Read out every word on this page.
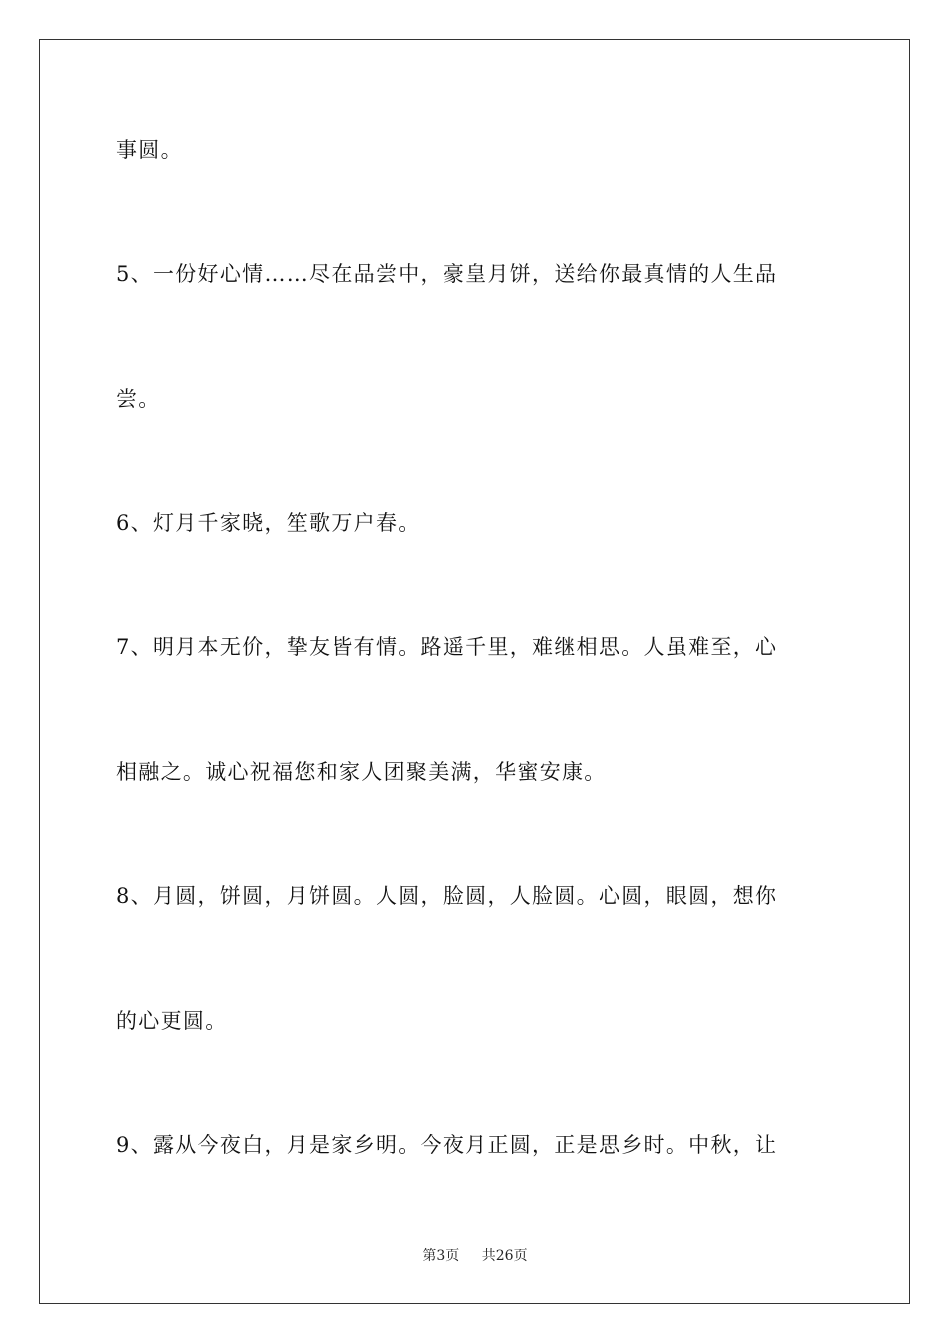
事圆。
5、一份好心情……尽在品尝中，豪皇月饼，送给你最真情的人生品
尝。
6、灯月千家晓，笙歌万户春。
7、明月本无价，挚友皆有情。路遥千里，难继相思。人虽难至，心
相融之。诚心祝福您和家人团聚美满，华蜜安康。
8、月圆，饼圆，月饼圆。人圆，脸圆，人脸圆。心圆，眼圆，想你
的心更圆。
9、露从今夜白，月是家乡明。今夜月正圆，正是思乡时。中秋，让
第3页 共26页
